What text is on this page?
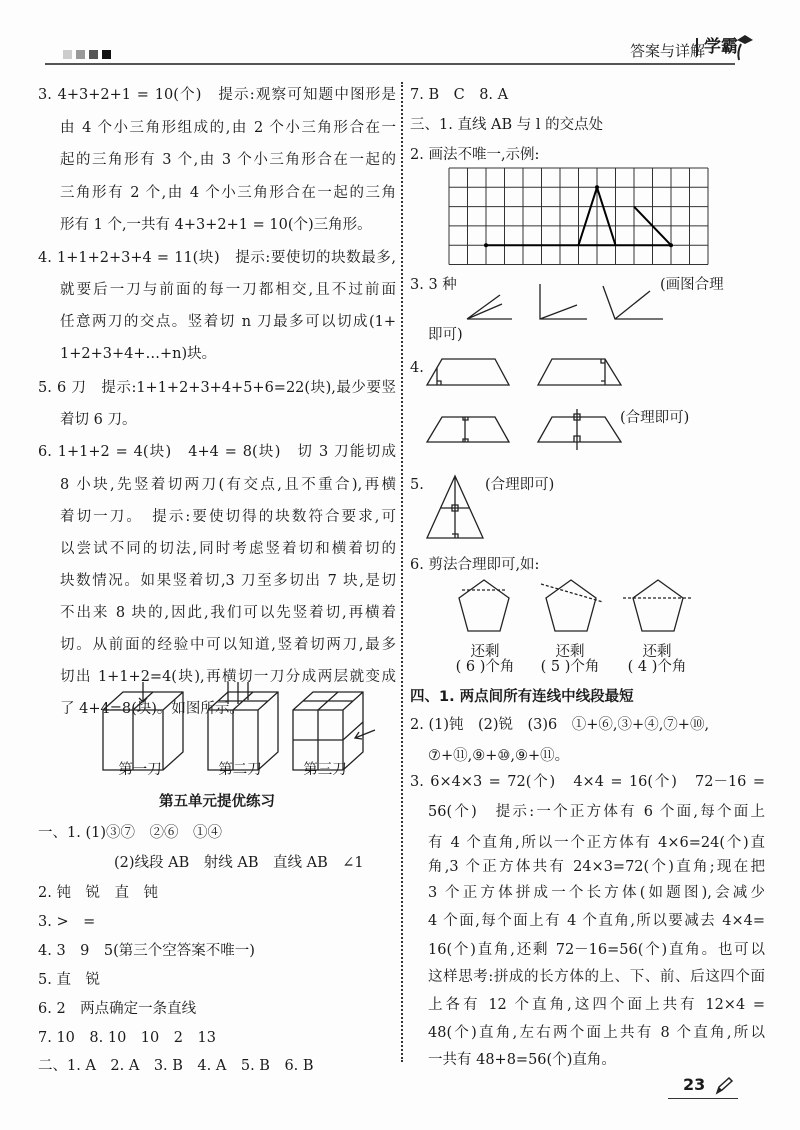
答案与详解 学霸
3. 4+3+2+1 = 10(个)　提示:观察可知题中图形是
由 4 个小三角形组成的,由 2 个小三角形合在一
起的三角形有 3 个,由 3 个小三角形合在一起的
三角形有 2 个,由 4 个小三角形合在一起的三角
形有 1 个,一共有 4+3+2+1 = 10(个)三角形。
4. 1+1+2+3+4 = 11(块)　提示:要使切的块数最多,
就要后一刀与前面的每一刀都相交,且不过前面
任意两刀的交点。竖着切 n 刀最多可以切成(1+
1+2+3+4+…+n)块。
5. 6 刀　提示:1+1+2+3+4+5+6=22(块),最少要竖
着切 6 刀。
6. 1+1+2 = 4(块)　4+4 = 8(块)　切 3 刀能切成
8 小块,先竖着切两刀(有交点,且不重合),再横
着切一刀。　提示:要使切得的块数符合要求,可
以尝试不同的切法,同时考虑竖着切和横着切的
块数情况。如果竖着切,3 刀至多切出 7 块,是切
不出来 8 块的,因此,我们可以先竖着切,再横着
切。从前面的经验中可以知道,竖着切两刀,最多
切出 1+1+2=4(块),再横切一刀分成两层就变成
了 4+4=8(块)。如图所示。
第一刀	第二刀	第三刀
第五单元提优练习
一、1. (1)③⑦　②⑥　①④
(2)线段 AB　射线 AB　直线 AB　∠1
2. 钝　锐　直　钝
3. >　=
4. 3　9　5(第三个空答案不唯一)
5. 直　锐
6. 2　两点确定一条直线
7. 10　8. 10　10　2　13
二、1. A　2. A　3. B　4. A　5. B　6. B
7. B　C　8. A
三、1. 直线 AB 与 l 的交点处
2. 画法不唯一,示例:
3. 3 种	(画图合理
即可)
4.
(合理即可)
5.	(合理即可)
6. 剪法合理即可,如:
还剩	还剩	还剩
( 6 )个角	( 5 )个角	( 4 )个角
四、1. 两点间所有连线中线段最短
2. (1)钝　(2)锐　(3)6　①+⑥,③+④,⑦+⑩,
⑦+⑪,⑨+⑩,⑨+⑪。
3. 6×4×3 = 72(个)　4×4 = 16(个)　72－16 =
56(个)　提示:一个正方体有 6 个面,每个面上
有 4 个直角,所以一个正方体有 4×6=24(个)直
角,3 个正方体共有 24×3=72(个)直角;现在把
3 个正方体拼成一个长方体(如题图),会减少
4 个面,每个面上有 4 个直角,所以要减去 4×4=
16(个)直角,还剩 72－16=56(个)直角。也可以
这样思考:拼成的长方体的上、下、前、后这四个面
上各有 12 个直角,这四个面上共有 12×4 =
48(个)直角,左右两个面上共有 8 个直角,所以
一共有 48+8=56(个)直角。
23
